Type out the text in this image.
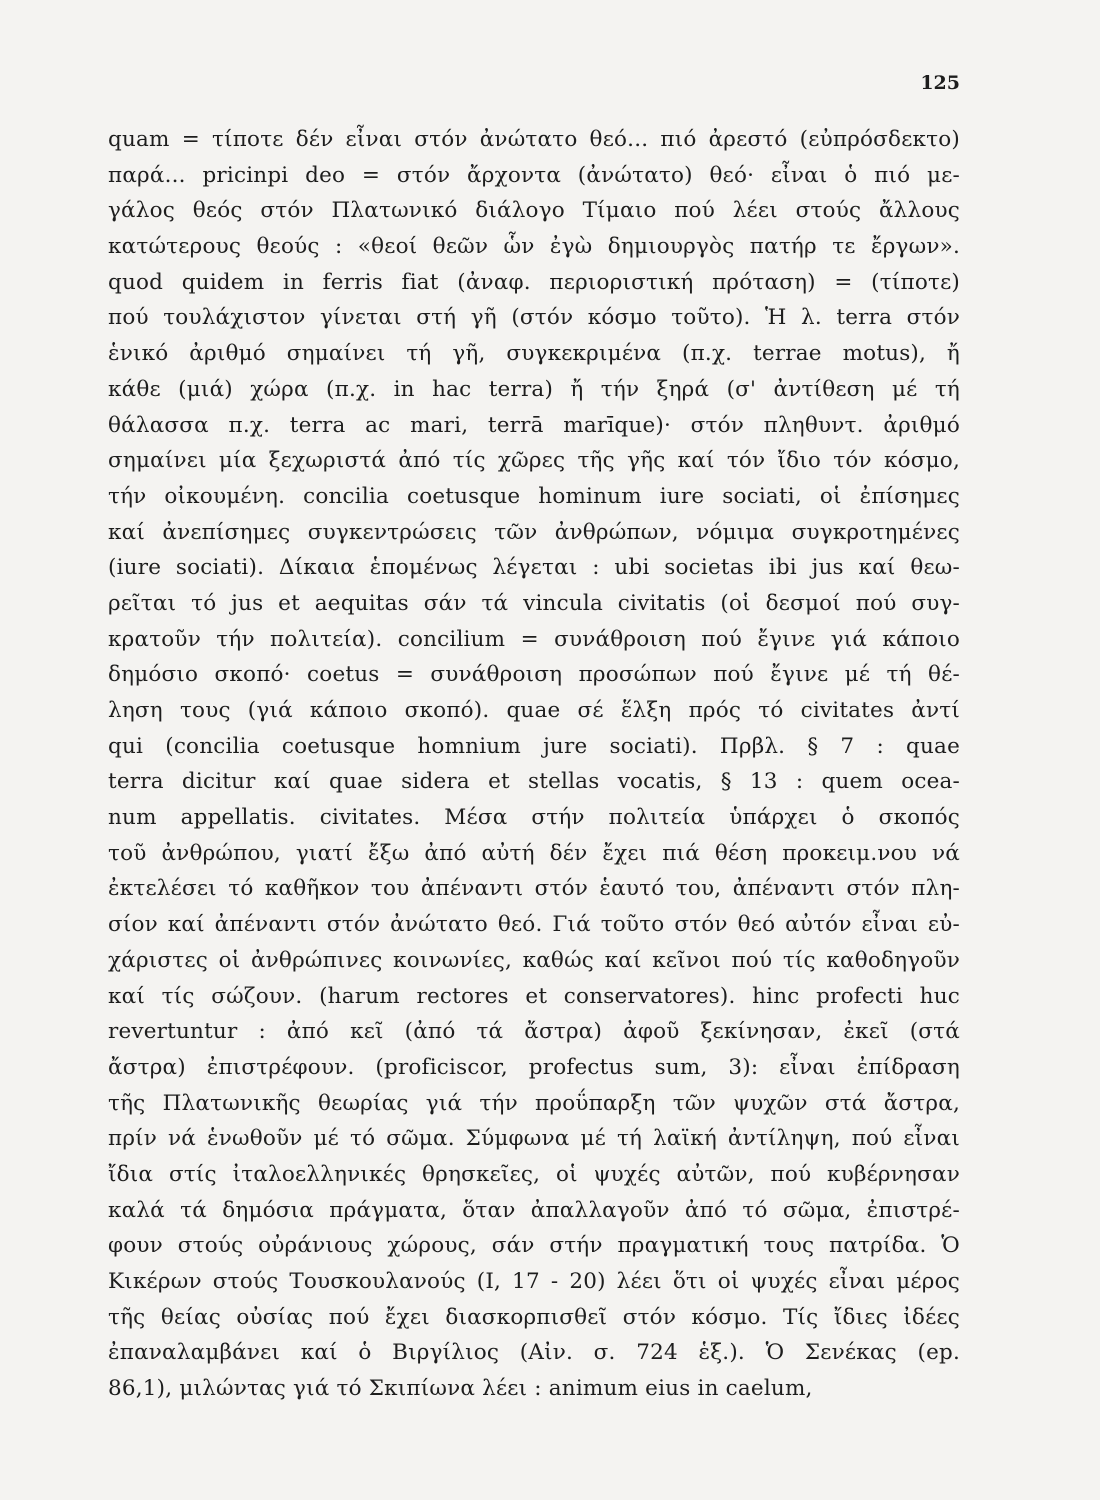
125
quam = τίποτε δέν εἶναι στόν ἀνώτατο θεό... πιό ἀρεστό (εὐπρόσδεκτο)
παρά... pricinpi deo = στόν ἄρχοντα (ἀνώτατο) θεό· εἶναι ὁ πιό με-
γάλος θεός στόν Πλατωνικό διάλογο Τίμαιο πού λέει στούς ἄλλους
κατώτερους θεούς : «θεοί θεῶν ὧν ἐγὼ δημιουργὸς πατήρ τε ἔργων».
quod quidem in ferris fiat (ἀναφ. περιοριστική πρόταση) = (τίποτε)
πού τουλάχιστον γίνεται στή γῆ (στόν κόσμο τοῦτο). Ἡ λ. terra στόν
ἑνικό ἀριθμό σημαίνει τή γῆ, συγκεκριμένα (π.χ. terrae motus), ἤ
κάθε (μιά) χώρα (π.χ. in hac terra) ἤ τήν ξηρά (σ' ἀντίθεση μέ τή
θάλασσα π.χ. terra ac mari, terrā marīque)· στόν πληθυντ. ἀριθμό
σημαίνει μία ξεχωριστά ἀπό τίς χῶρες τῆς γῆς καί τόν ἴδιο τόν κόσμο,
τήν οἰκουμένη. concilia coetusque hominum iure sociati, οἱ ἐπίσημες
καί ἀνεπίσημες συγκεντρώσεις τῶν ἀνθρώπων, νόμιμα συγκροτημένες
(iure sociati). Δίκαια ἑπομένως λέγεται : ubi societas ibi jus καί θεω-
ρεῖται τό jus et aequitas σάν τά vincula civitatis (οἱ δεσμοί πού συγ-
κρατοῦν τήν πολιτεία). concilium = συνάθροιση πού ἔγινε γιά κάποιο
δημόσιο σκοπό· coetus = συνάθροιση προσώπων πού ἔγινε μέ τή θέ-
ληση τους (γιά κάποιο σκοπό). quae σέ ἕλξη πρός τό civitates ἀντί
qui (concilia coetusque homnium jure sociati). Πρβλ. § 7 : quae
terra dicitur καί quae sidera et stellas vocatis, § 13 : quem ocea-
num appellatis. civitates. Μέσα στήν πολιτεία ὑπάρχει ὁ σκοπός
τοῦ ἀνθρώπου, γιατί ἔξω ἀπό αὐτή δέν ἔχει πιά θέση προκειμ.νου νά
ἐκτελέσει τό καθῆκον του ἀπέναντι στόν ἑαυτό του, ἀπέναντι στόν πλη-
σίον καί ἀπέναντι στόν ἀνώτατο θεό. Γιά τοῦτο στόν θεό αὐτόν εἶναι εὐ-
χάριστες οἱ ἀνθρώπινες κοινωνίες, καθώς καί κεῖνοι πού τίς καθοδηγοῦν
καί τίς σώζουν. (harum rectores et conservatores). hinc profecti huc
revertuntur : ἀπό κεῖ (ἀπό τά ἄστρα) ἀφοῦ ξεκίνησαν, ἐκεῖ (στά
ἄστρα) ἐπιστρέφουν. (proficiscor, profectus sum, 3): εἶναι ἐπίδραση
τῆς Πλατωνικῆς θεωρίας γιά τήν προΰπαρξη τῶν ψυχῶν στά ἄστρα,
πρίν νά ἑνωθοῦν μέ τό σῶμα. Σύμφωνα μέ τή λαϊκή ἀντίληψη, πού εἶναι
ἴδια στίς ἰταλοελληνικές θρησκεῖες, οἱ ψυχές αὐτῶν, πού κυβέρνησαν
καλά τά δημόσια πράγματα, ὅταν ἀπαλλαγοῦν ἀπό τό σῶμα, ἐπιστρέ-
φουν στούς οὐράνιους χώρους, σάν στήν πραγματική τους πατρίδα. Ὁ
Κικέρων στούς Τουσκουλανούς (Ι, 17 - 20) λέει ὅτι οἱ ψυχές εἶναι μέρος
τῆς θείας οὐσίας πού ἔχει διασκορπισθεῖ στόν κόσμο. Τίς ἴδιες ἰδέες
ἐπαναλαμβάνει καί ὁ Βιργίλιος (Αἰν. σ. 724 ἑξ.). Ὁ Σενέκας (ep.
86,1), μιλώντας γιά τό Σκιπίωνα λέει : animum eius in caelum,
